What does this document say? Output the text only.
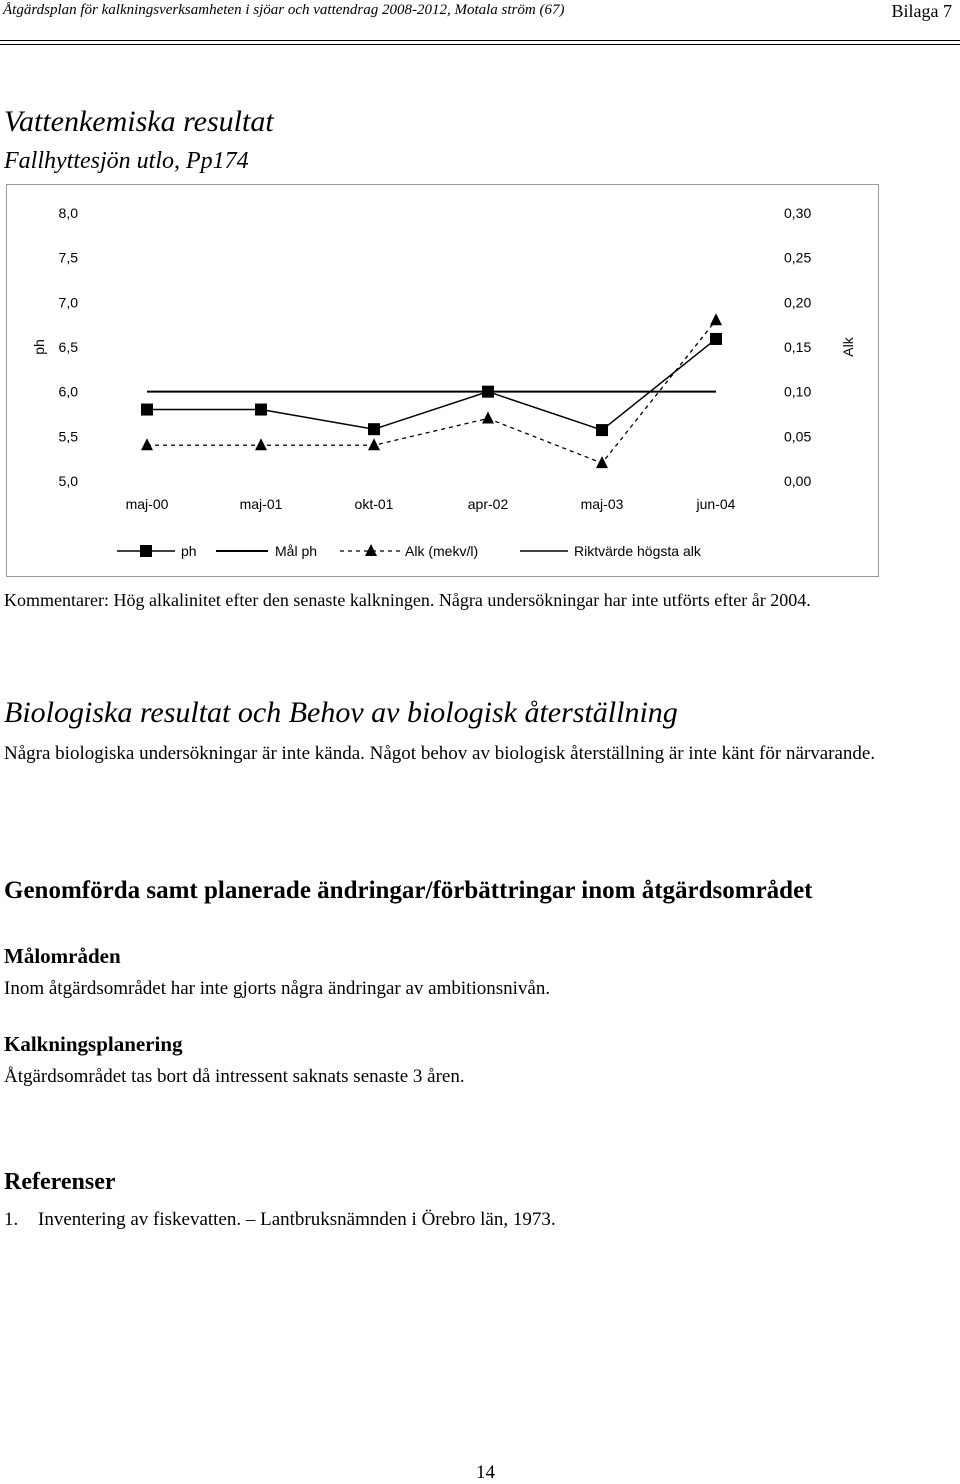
Åtgärdsplan för kalkningsverksamheten i sjöar och vattendrag 2008-2012, Motala ström (67)	Bilaga 7
Vattenkemiska resultat
Fallhyttesjön utlo, Pp174
8,0	0,30
7,5	0,25
7,0	0,20
6,5	0,15
6,0	0,10
5,5	0,05
5,0	0,00
ph	Alk
maj-00	maj-01	okt-01	apr-02	maj-03	jun-04
ph	Mål ph	Alk (mekv/l)	Riktvärde högsta alk
Kommentarer: Hög alkalinitet efter den senaste kalkningen. Några undersökningar har inte utförts efter år 2004.
Biologiska resultat och Behov av biologisk återställning
Några biologiska undersökningar är inte kända. Något behov av biologisk återställning är inte känt för närvarande.
Genomförda samt planerade ändringar/förbättringar inom åtgärdsområdet
Målområden
Inom åtgärdsområdet har inte gjorts några ändringar av ambitionsnivån.
Kalkningsplanering
Åtgärdsområdet tas bort då intressent saknats senaste 3 åren.
Referenser
1. Inventering av fiskevatten. – Lantbruksnämnden i Örebro län, 1973.
14
